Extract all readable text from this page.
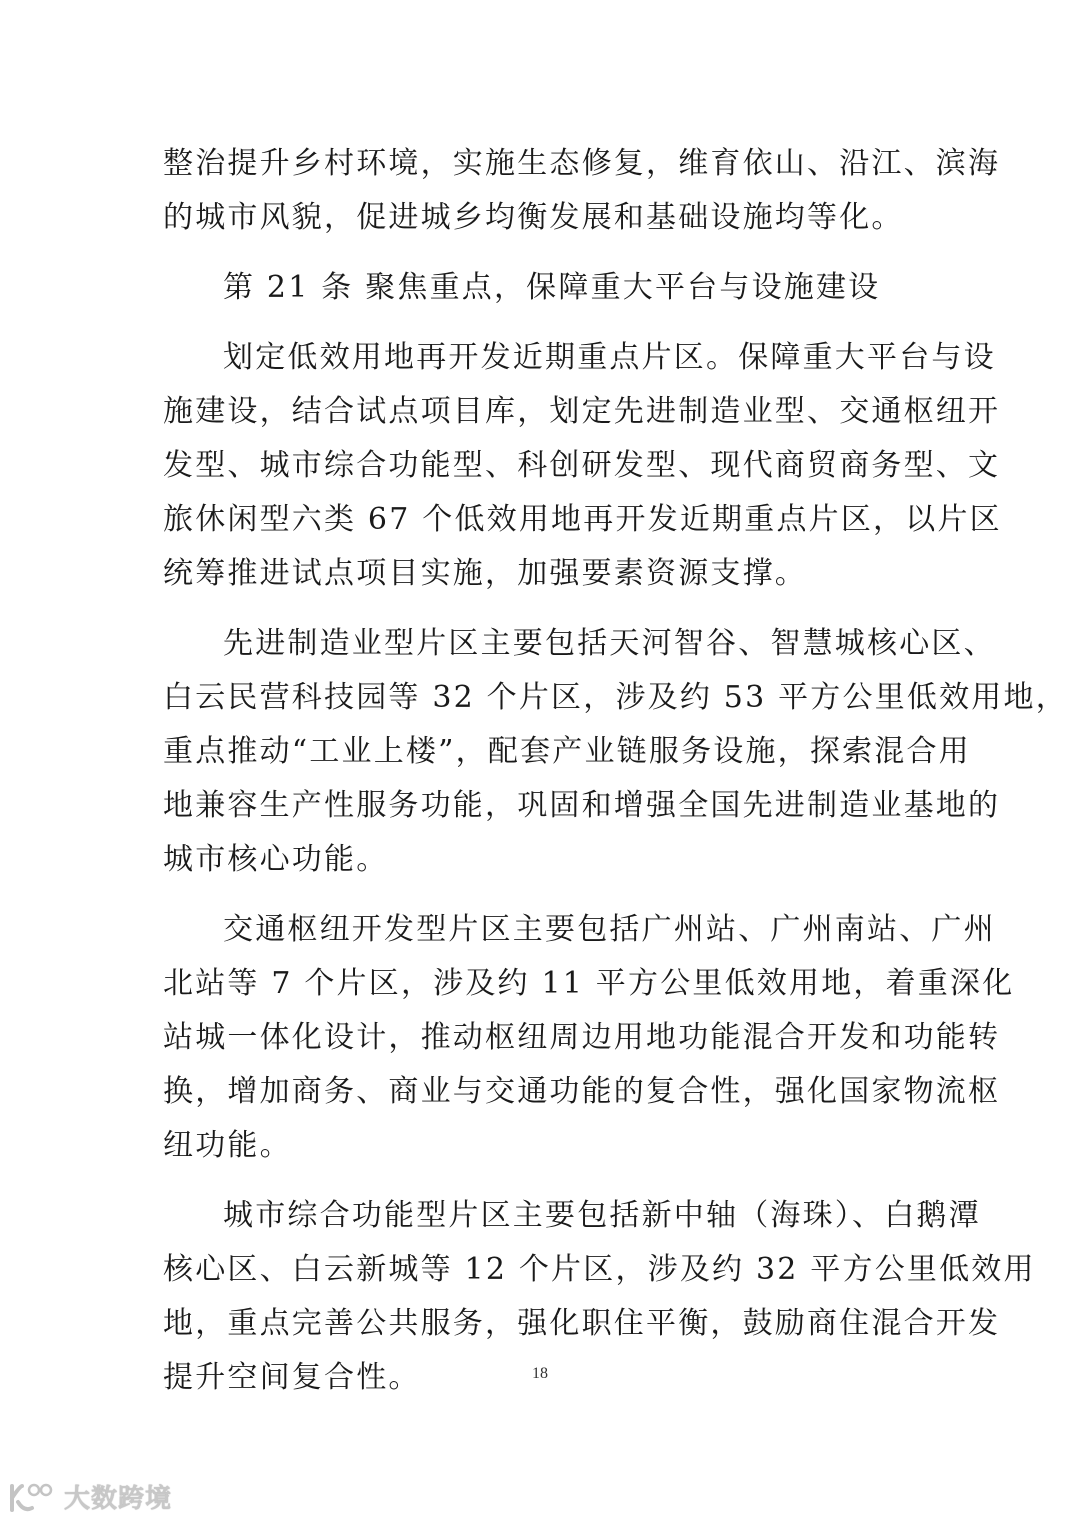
整治提升乡村环境，实施生态修复，维育依山、沿江、滨海
的城市风貌，促进城乡均衡发展和基础设施均等化。
第 21 条 聚焦重点，保障重大平台与设施建设
划定低效用地再开发近期重点片区。保障重大平台与设
施建设，结合试点项目库，划定先进制造业型、交通枢纽开
发型、城市综合功能型、科创研发型、现代商贸商务型、文
旅休闲型六类 67 个低效用地再开发近期重点片区，以片区
统筹推进试点项目实施，加强要素资源支撑。
先进制造业型片区主要包括天河智谷、智慧城核心区、
白云民营科技园等 32 个片区，涉及约 53 平方公里低效用地，
重点推动“工业上楼”，配套产业链服务设施，探索混合用
地兼容生产性服务功能，巩固和增强全国先进制造业基地的
城市核心功能。
交通枢纽开发型片区主要包括广州站、广州南站、广州
北站等 7 个片区，涉及约 11 平方公里低效用地，着重深化
站城一体化设计，推动枢纽周边用地功能混合开发和功能转
换，增加商务、商业与交通功能的复合性，强化国家物流枢
纽功能。
城市综合功能型片区主要包括新中轴（海珠）、白鹅潭
核心区、白云新城等 12 个片区，涉及约 32 平方公里低效用
地，重点完善公共服务，强化职住平衡，鼓励商住混合开发
提升空间复合性。	18
大数跨境
